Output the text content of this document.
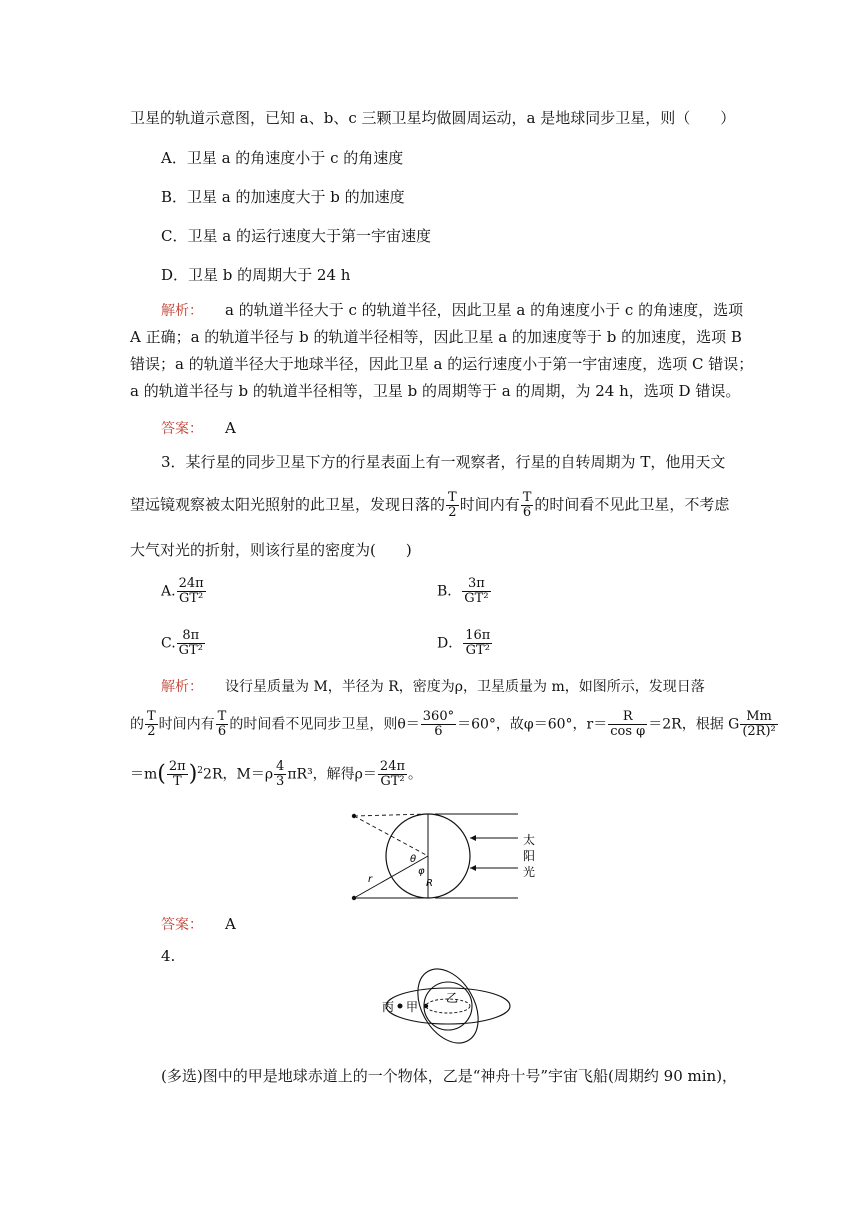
卫星的轨道示意图，已知 a、b、c 三颗卫星均做圆周运动，a 是地球同步卫星，则（　　）
A．卫星 a 的角速度小于 c 的角速度
B．卫星 a 的加速度大于 b 的加速度
C．卫星 a 的运行速度大于第一宇宙速度
D．卫星 b 的周期大于 24 h
解析： a 的轨道半径大于 c 的轨道半径，因此卫星 a 的角速度小于 c 的角速度，选项
A 正确；a 的轨道半径与 b 的轨道半径相等，因此卫星 a 的加速度等于 b 的加速度，选项 B
错误；a 的轨道半径大于地球半径，因此卫星 a 的运行速度小于第一宇宙速度，选项 C 错误；
a 的轨道半径与 b 的轨道半径相等，卫星 b 的周期等于 a 的周期，为 24 h，选项 D 错误。
答案： A
3．某行星的同步卫星下方的行星表面上有一观察者，行星的自转周期为 T，他用天文
望远镜观察被太阳光照射的此卫星，发现日落的 $\frac{T}{2}$ 时间内有 $\frac{T}{6}$ 的时间看不见此卫星，不考虑
大气对光的折射，则该行星的密度为(　　)
A. $\frac{24\pi}{\text{GT²}}$	B． $\frac{3\pi}{\text{GT²}}$
C. $\frac{8\pi}{\text{GT²}}$	D． $\frac{16\pi}{\text{GT²}}$
解析： 设行星质量为 M，半径为 R，密度为ρ，卫星质量为 m，如图所示，发现日落
的 $\frac{T}{2}$ 时间内有 $\frac{T}{6}$ 的时间看不见同步卫星，则$\theta= \frac{360^\circ}{6} =60^\circ$，故φ＝60°，$r= \frac{R}{\text{cos φ}} =2R$，根据 G $\frac{Mm}{\text{(2R)²}}$
$=m( \frac{2\pi}{T} )^22R$，$M=\rho \frac{4}{3} \pi R^3$，解得$\rho= \frac{24\pi}{\text{GT²}}$ 。
太
阳
光
θ
φ
R
r
答案： A
4.
丙 甲
乙
(多选)图中的甲是地球赤道上的一个物体，乙是“神舟十号”宇宙飞船(周期约 90 min)，
